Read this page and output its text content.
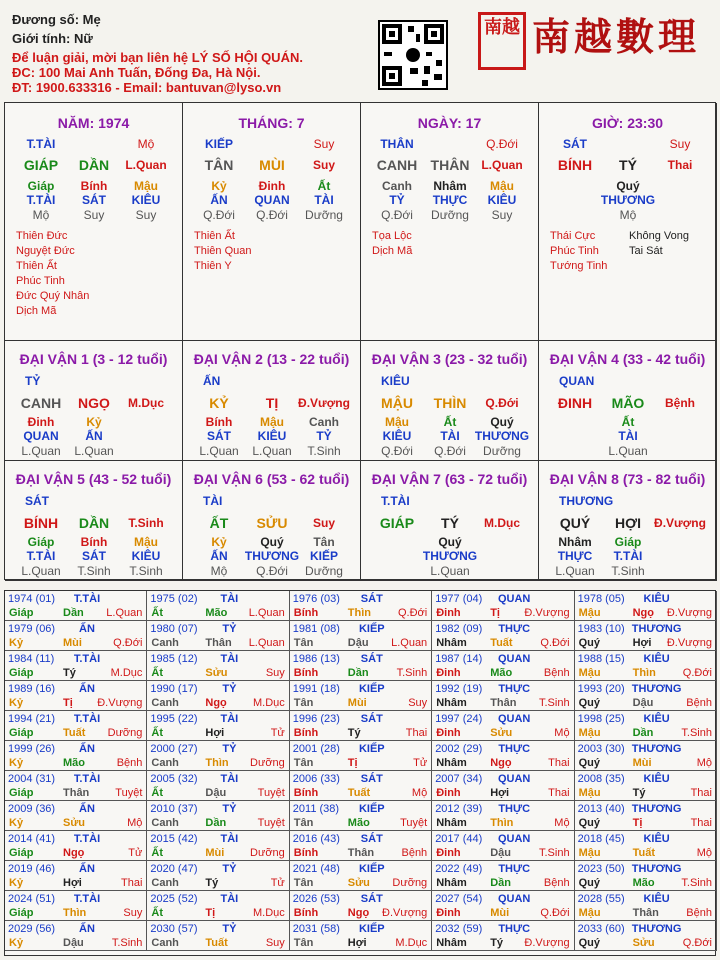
Đương số: Mẹ
Giới tính: Nữ
Để luận giải, mời bạn liên hệ LÝ SỐ HỘI QUÁN.
ĐC: 100 Mai Anh Tuấn, Đống Đa, Hà Nội.
ĐT: 1900.633316 - Email: bantuvan@lyso.vn
南越 南越數理
NĂM: 1974
T.TÀI	Mộ
GIÁP DẦN L.Quan
Giáp Bính Mậu
T.TÀI SÁT KIÊU
Mộ	Suy	Suy
Thiên Đức
Nguyệt Đức
Thiên Ất
Phúc Tinh
Đức Quý Nhân
Dịch Mã
THÁNG: 7
KIẾP	Suy
TÂN MÙI Suy
Kỷ	Đinh	Ất
ẤN QUAN TÀI
Q.Đới Q.Đới Dưỡng
Thiên Ất
Thiên Quan
Thiên Y
NGÀY: 17
THÂN	Q.Đới
CANH THÂN L.Quan
Canh Nhâm Mậu
TỶ THỰC KIÊU
Q.Đới Dưỡng Suy
Tọa Lộc
Dịch Mã
GIỜ: 23:30
SÁT	Suy
BÍNH TÝ	Thai
Quý
THƯƠNG
Mộ
Thái Cực
Phúc Tinh
Tướng Tinh
Không Vong
Tai Sát
ĐẠI VẬN 1 (3 - 12 tuổi)
TỶ
CANH NGỌ M.Dục
Đinh	Kỷ
QUAN ẤN
L.Quan L.Quan
ĐẠI VẬN 2 (13 - 22 tuổi)
ẤN
KỶ	TỊ Đ.Vượng
Bính Mậu Canh
SÁT KIÊU TỶ
L.Quan L.Quan T.Sinh
ĐẠI VẬN 3 (23 - 32 tuổi)
KIÊU
MẬU THÌN Q.Đới
Mậu	Ất	Quý
KIÊU TÀI THƯƠNG
Q.Đới Q.Đới Dưỡng
ĐẠI VẬN 4 (33 - 42 tuổi)
QUAN
ĐINH MÃO Bệnh
Ất
TÀI
L.Quan
ĐẠI VẬN 5 (43 - 52 tuổi)
SÁT
BÍNH DẦN T.Sinh
Giáp Bính Mậu
T.TÀI SÁT KIÊU
L.Quan T.Sinh T.Sinh
ĐẠI VẬN 6 (53 - 62 tuổi)
TÀI
ẤT SỬU Suy
Kỷ	Quý Tân
ẤN THƯƠNG KIẾP
Mộ Q.Đới Dưỡng
ĐẠI VẬN 7 (63 - 72 tuổi)
T.TÀI
GIÁP TÝ M.Dục
Quý
THƯƠNG
L.Quan
ĐẠI VẬN 8 (73 - 82 tuổi)
THƯƠNG
QUÝ HỢI Đ.Vượng
Nhâm Giáp
THỰC T.TÀI
L.Quan T.Sinh
1974 (01) T.TÀI
Giáp	Dần L.Quan
1975 (02) TÀI
Ất	Mão L.Quan
1976 (03) SÁT
Bính	Thìn Q.Đới
1977 (04) QUAN
Đinh	Tị Đ.Vượng
1978 (05) KIÊU
Mậu	Ngọ Đ.Vượng
1979 (06) ẤN
Kỷ	Mùi	Q.Đới
1980 (07) TỶ
Canh Thân L.Quan
1981 (08) KIẾP
Tân	Dậu L.Quan
1982 (09) THỰC
Nhâm Tuất	Q.Đới
1983 (10) THƯƠNG
Quý	Hợi Đ.Vượng
1984 (11) T.TÀI
Giáp	Tý	M.Dục
1985 (12) TÀI
Ất	Sửu	Suy
1986 (13) SÁT
Bính	Dần	T.Sinh
1987 (14) QUAN
Đinh	Mão	Bệnh
1988 (15) KIÊU
Mậu	Thìn Q.Đới
1989 (16) ẤN
Kỷ	Tị Đ.Vượng
1990 (17) TỶ
Canh Ngọ M.Dục
1991 (18) KIẾP
Tân	Mùi	Suy
1992 (19) THỰC
Nhâm Thân T.Sinh
1993 (20) THƯƠNG
Quý	Dậu	Bệnh
1994 (21) T.TÀI
Giáp	Tuất Dưỡng
1995 (22) TÀI
Ất	Hợi	Tử
1996 (23) SÁT
Bính	Tý	Thai
1997 (24) QUAN
Đinh	Sửu	Mộ
1998 (25) KIÊU
Mậu	Dần	T.Sinh
1999 (26) ẤN
Kỷ	Mão	Bệnh
2000 (27) TỶ
Canh Thìn Dưỡng
2001 (28) KIẾP
Tân	Tị	Tử
2002 (29) THỰC
Nhâm Ngọ	Thai
2003 (30) THƯƠNG
Quý	Mùi	Mộ
2004 (31) T.TÀI
Giáp	Thân Tuyệt
2005 (32) TÀI
Ất	Dậu	Tuyệt
2006 (33) SÁT
Bính	Tuất	Mộ
2007 (34) QUAN
Đinh	Hợi	Thai
2008 (35) KIÊU
Mậu	Tý	Thai
2009 (36) ẤN
Kỷ	Sửu	Mộ
2010 (37) TỶ
Canh Dần	Tuyệt
2011 (38) KIẾP
Tân	Mão	Tuyệt
2012 (39) THỰC
Nhâm Thìn	Mộ
2013 (40) THƯƠNG
Quý	Tị	Thai
2014 (41) T.TÀI
Giáp	Ngọ	Tử
2015 (42) TÀI
Ất	Mùi Dưỡng
2016 (43) SÁT
Bính	Thân Bệnh
2017 (44) QUAN
Đinh	Dậu	T.Sinh
2018 (45) KIÊU
Mậu	Tuất	Mộ
2019 (46) ẤN
Kỷ	Hợi	Thai
2020 (47) TỶ
Canh Tý	Tử
2021 (48) KIẾP
Tân	Sửu Dưỡng
2022 (49) THỰC
Nhâm Dần	Bệnh
2023 (50) THƯƠNG
Quý	Mão T.Sinh
2024 (51) T.TÀI
Giáp	Thìn	Suy
2025 (52) TÀI
Ất	Tị	M.Dục
2026 (53) SÁT
Bính	Ngọ Đ.Vượng
2027 (54) QUAN
Đinh	Mùi	Q.Đới
2028 (55) KIÊU
Mậu	Thân Bệnh
2029 (56) ẤN
Kỷ	Dậu	T.Sinh
2030 (57) TỶ
Canh Tuất	Suy
2031 (58) KIẾP
Tân	Hợi	M.Dục
2032 (59) THỰC
Nhâm Tý Đ.Vượng
2033 (60) THƯƠNG
Quý	Sửu	Q.Đới
